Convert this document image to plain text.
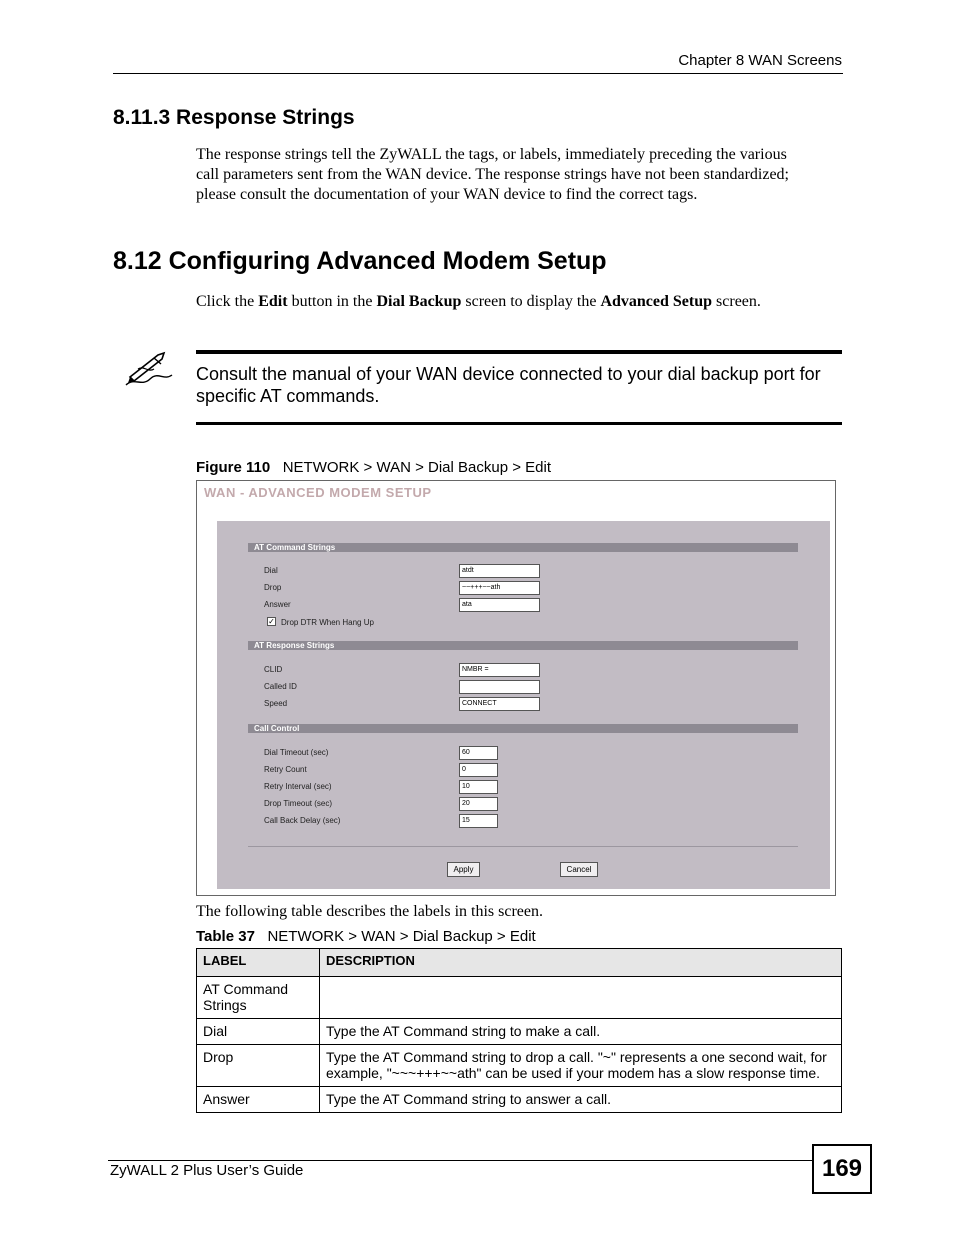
Chapter 8 WAN Screens
8.11.3 Response Strings
The response strings tell the ZyWALL the tags, or labels, immediately preceding the various
call parameters sent from the WAN device. The response strings have not been standardized;
please consult the documentation of your WAN device to find the correct tags.
8.12 Configuring Advanced Modem Setup
Click the Edit button in the Dial Backup screen to display the Advanced Setup screen.
Consult the manual of your WAN device connected to your dial backup port for
specific AT commands.
Figure 110 NETWORK > WAN > Dial Backup > Edit
WAN - ADVANCED MODEM SETUP
AT Command Strings
Dial	atdt
Drop	~~+++~~ath
Answer	ata
✓ Drop DTR When Hang Up
AT Response Strings
CLID	NMBR =
Called ID
Speed	CONNECT
Call Control
Dial Timeout (sec)	60
Retry Count	0
Retry Interval (sec)	10
Drop Timeout (sec)	20
Call Back Delay (sec)	15
Apply	Cancel
The following table describes the labels in this screen.
Table 37 NETWORK > WAN > Dial Backup > Edit
LABEL	DESCRIPTION
AT Command Strings	
Dial	Type the AT Command string to make a call.
Drop	Type the AT Command string to drop a call. "~" represents a one second wait, for example, "~~~+++~~ath" can be used if your modem has a slow response time.
Answer	Type the AT Command string to answer a call.
ZyWALL 2 Plus User’s Guide	169
